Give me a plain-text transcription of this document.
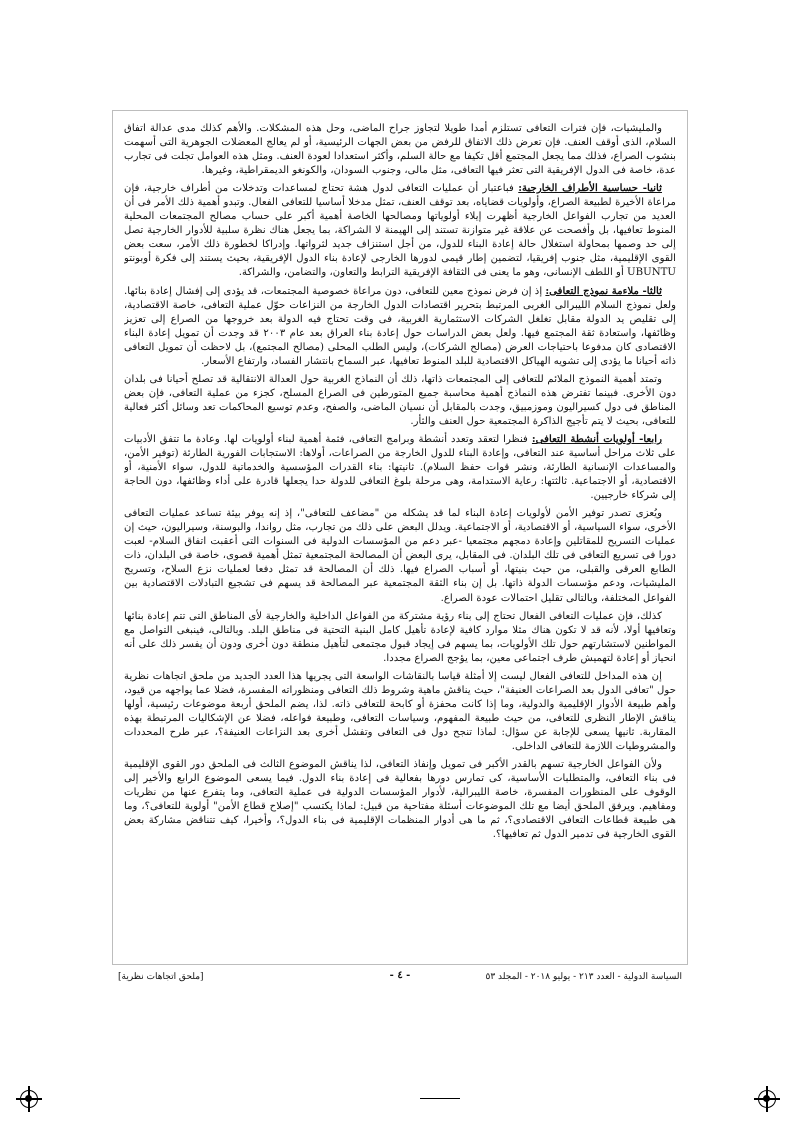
والمليشيات، فإن فترات التعافى تستلزم أمدا طويلا لتجاوز جراح الماضى، وحل هذه المشكلات. والأهم كذلك مدى عدالة اتفاق السلام، الذى أوقف العنف. فإن تعرض ذلك الاتفاق للرفض من بعض الجهات الرئيسية، أو لم يعالج المعضلات الجوهرية التى أسهمت بنشوب الصراع، فذلك مما يجعل المجتمع أقل تكيفا مع حالة السلم، وأكثر استعدادا لعودة العنف. ومثل هذه العوامل تجلت فى تجارب عدة، خاصة فى الدول الإفريقية التى تعثر فيها التعافى، مثل مالى، وجنوب السودان، والكونغو الديمقراطية، وغيرها.

ثانيا- حساسية الأطراف الخارجية: فباعتبار أن عمليات التعافى لدول هشة تحتاج لمساعدات وتدخلات من أطراف خارجية، فإن مراعاة الأخيرة لطبيعة الصراع، وأولويات قضاياه، بعد توقف العنف، تمثل مدخلا أساسيا للتعافى الفعال. وتبدو أهمية ذلك الأمر فى أن العديد من تجارب الفواعل الخارجية أظهرت إيلاء أولوياتها ومصالحها الخاصة أهمية أكبر على حساب مصالح المجتمعات المحلية المنوط تعافيها، بل وأفصحت عن علاقة غير متوازنة تستند إلى الهيمنة لا الشراكة، بما يجعل هناك نظرة سلبية للأدوار الخارجية تصل إلى حد وصمها بمحاولة استغلال حالة إعادة البناء للدول، من أجل استنزاف جديد لثرواتها. وإدراكا لخطورة ذلك الأمر، سعت بعض القوى الإقليمية، مثل جنوب إفريقيا، لتضمين إطار قيمى لدورها الخارجى لإعادة بناء الدول الإفريقية، بحيث يستند إلى فكرة أوبونتو UBUNTU أو اللطف الإنسانى، وهو ما يعنى فى الثقافة الإفريقية الترابط والتعاون، والتضامن، والشراكة.

ثالثا- ملاءمة نموذج التعافى: إذ إن فرض نموذج معين للتعافى، دون مراعاة خصوصية المجتمعات، قد يؤدى إلى إفشال إعادة بنائها. ولعل نموذج السلام الليبرالى الغربى المرتبط بتحرير اقتصادات الدول الخارجة من النزاعات حوّل عملية التعافى، خاصة الاقتصادية، إلى تقليص يد الدولة مقابل تغلغل الشركات الاستثمارية الغربية، فى وقت تحتاج فيه الدولة بعد خروجها من الصراع إلى تعزيز وظائفها، واستعادة ثقة المجتمع فيها. ولعل بعض الدراسات حول إعادة بناء العراق بعد عام ٢٠٠٣ قد وجدت أن تمويل إعادة البناء الاقتصادى كان مدفوعا باحتياجات العرض (مصالح الشركات)، وليس الطلب المحلى (مصالح المجتمع)، بل لاحظت أن تمويل التعافى ذاته أحيانا ما يؤدى إلى تشويه الهياكل الاقتصادية للبلد المنوط تعافيها، عبر السماح بانتشار الفساد، وارتفاع الأسعار.

وتمتد أهمية النموذج الملائم للتعافى إلى المجتمعات ذاتها، ذلك أن النماذج الغربية حول العدالة الانتقالية قد تصلح أحيانا فى بلدان دون الأخرى. فبينما تفترض هذه النماذج أهمية محاسبة جميع المتورطين فى الصراع المسلح، كجزء من عملية التعافى، فإن بعض المناطق فى دول كسيراليون وموزمبيق، وجدت بالمقابل أن نسيان الماضى، والصفح، وعدم توسيع المحاكمات تعد وسائل أكثر فعالية للتعافى، بحيث لا يتم تأجيج الذاكرة المجتمعية حول العنف والثأر.

رابعا- أولويات أنشطة التعافى: فنظرا لتعقد وتعدد أنشطة وبرامج التعافى، فثمة أهمية لبناء أولويات لها. وعادة ما تتفق الأدبيات على ثلاث مراحل أساسية عند التعافى، وإعادة البناء للدول الخارجة من الصراعات، أولاها: الاستجابات الفورية الطارئة (توفير الأمن، والمساعدات الإنسانية الطارئة، ونشر قوات حفظ السلام). ثانيتها: بناء القدرات المؤسسية والخدماتية للدول، سواء الأمنية، أو الاقتصادية، أو الاجتماعية. ثالثتها: رعاية الاستدامة، وهى مرحلة بلوغ التعافى للدولة حدا يجعلها قادرة على أداء وظائفها، دون الحاجة إلى شركاء خارجيين.

ويُعزى تصدر توفير الأمن لأولويات إعادة البناء لما قد يشكله من "مضاعف للتعافى"، إذ إنه يوفر بيئة تساعد عمليات التعافى الأخرى، سواء السياسية، أو الاقتصادية، أو الاجتماعية. ويدلل البعض على ذلك من تجارب، مثل رواندا، والبوسنة، وسيراليون، حيث إن عمليات التسريح للمقاتلين وإعادة دمجهم مجتمعيا -عبر دعم من المؤسسات الدولية فى السنوات التى أعقبت اتفاق السلام- لعبت دورا فى تسريع التعافى فى تلك البلدان. فى المقابل، يرى البعض أن المصالحة المجتمعية تمثل أهمية قصوى، خاصة فى البلدان، ذات الطابع العرقى والقبلى، من حيث بنيتها، أو أسباب الصراع فيها. ذلك أن المصالحة قد تمثل دفعا لعمليات نزع السلاح، وتسريح المليشيات، ودعم مؤسسات الدولة ذاتها. بل إن بناء الثقة المجتمعية عبر المصالحة قد يسهم فى تشجيع التبادلات الاقتصادية بين الفواعل المختلفة، وبالتالى تقليل احتمالات عودة الصراع.

كذلك، فإن عمليات التعافى الفعال تحتاج إلى بناء رؤية مشتركة من الفواعل الداخلية والخارجية لأى المناطق التى تتم إعادة بنائها وتعافيها أولا، لأنه قد لا تكون هناك مثلا موارد كافية لإعادة تأهيل كامل البنية التحتية فى مناطق البلد. وبالتالى، فينبغى التواصل مع المواطنين لاستشارتهم حول تلك الأولويات، بما يسهم فى إيجاد قبول مجتمعى لتأهيل منطقة دون أخرى ودون أن يفسر ذلك على أنه انحياز أو إعادة لتهميش طرف اجتماعى معين، بما يؤجج الصراع مجددا.

إن هذه المداخل للتعافى الفعال ليست إلا أمثلة قياسا بالنقاشات الواسعة التى يجريها هذا العدد الجديد من ملحق اتجاهات نظرية حول "تعافى الدول بعد الصراعات العنيفة"، حيث يناقش ماهية وشروط ذلك التعافى ومنظوراته المفسرة، فضلا عما يواجهه من قيود، وأهم طبيعة الأدوار الإقليمية والدولية، وما إذا كانت محفزة أو كابحة للتعافى ذاته. لذا، يضم الملحق أربعة موضوعات رئيسية، أولها يناقش الإطار النظرى للتعافى، من حيث طبيعة المفهوم، وسياسات التعافى، وطبيعة فواعله، فضلا عن الإشكاليات المرتبطة بهذه المقاربة. ثانيها يسعى للإجابة عن سؤال: لماذا تنجح دول فى التعافى وتفشل أخرى بعد النزاعات العنيفة؟، عبر طرح المحددات والمشروطيات اللازمة للتعافى الداخلى.

ولأن الفواعل الخارجية تسهم بالقدر الأكبر فى تمويل وإنفاذ التعافى، لذا يناقش الموضوع الثالث فى الملحق دور القوى الإقليمية فى بناء التعافى، والمتطلبات الأساسية، كى تمارس دورها بفعالية فى إعادة بناء الدول. فيما يسعى الموضوع الرابع والأخير إلى الوقوف على المنظورات المفسرة، خاصة الليبرالية، لأدوار المؤسسات الدولية فى عملية التعافى، وما يتفرع عنها من نظريات ومفاهيم. ويرفق الملحق أيضا مع تلك الموضوعات أسئلة مفتاحية من قبيل: لماذا يكتسب "إصلاح قطاع الأمن" أولوية للتعافى؟، وما هى طبيعة قطاعات التعافى الاقتصادى؟، ثم ما هى أدوار المنظمات الإقليمية فى بناء الدول؟، وأخيرا، كيف تتناقض مشاركة بعض القوى الخارجية فى تدمير الدول ثم تعافيها؟.

السياسة الدولية - العدد ٢١٣ - يوليو ٢٠١٨ - المجلد ٥٣
- ٤ -
[ملحق اتجاهات نظرية]
